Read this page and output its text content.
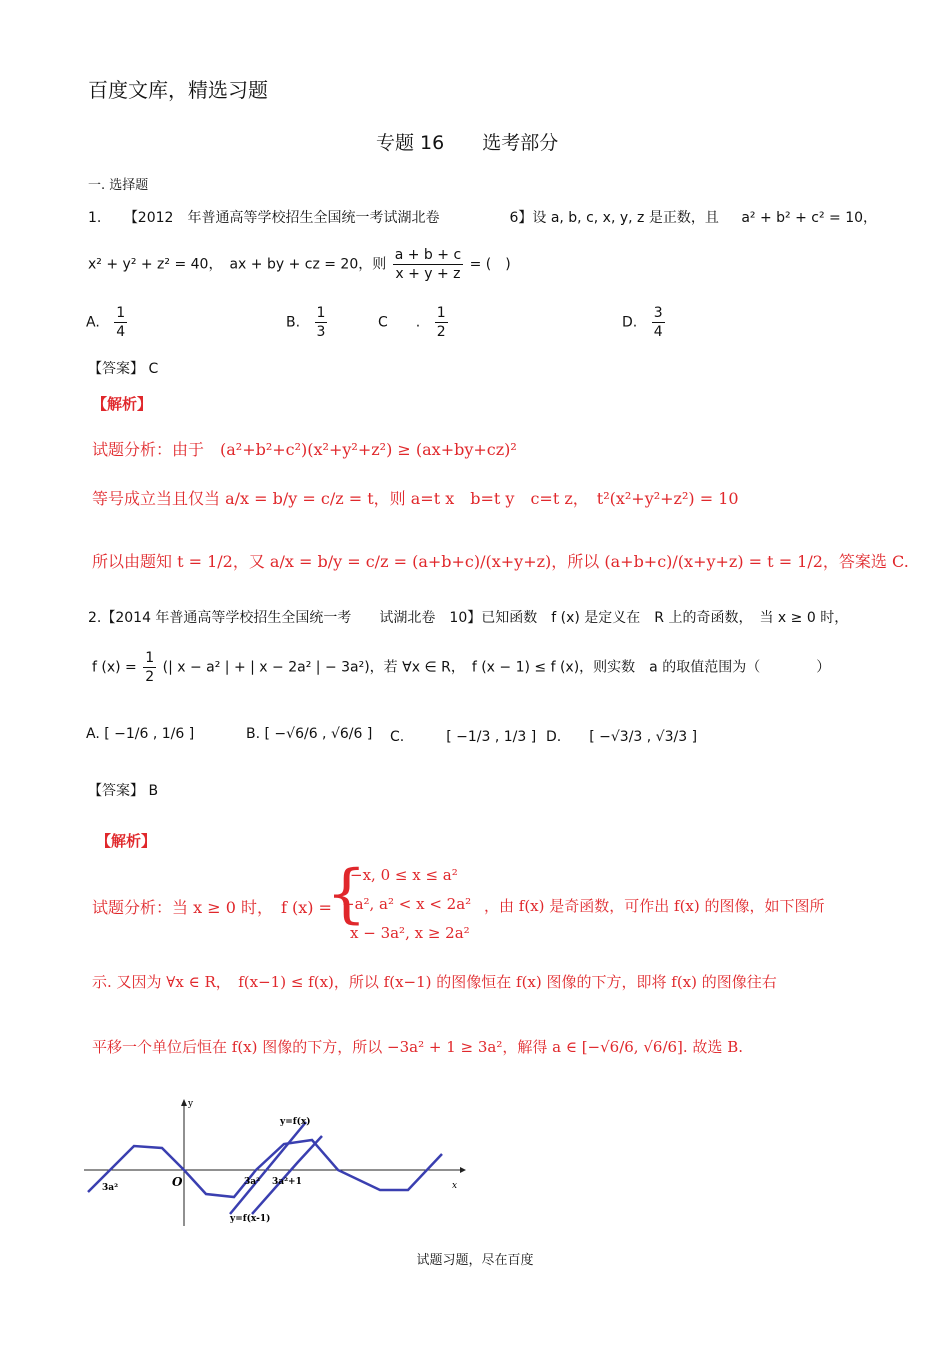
百度文库，精选习题
专题 16　　选考部分
一. 选择题
1. 【2012　年普通高等学校招生全国统一考试湖北卷　　　　　6】设 a, b, c, x, y, z 是正数，且 a² + b² + c² = 10，
x² + y² + z² = 40，　ax + by + cz = 20，则 $\frac{a + b + c}{x + y + z}$ = (　)
A. $\frac{1}{4}$	B. $\frac{1}{3}$	C　　. $\frac{1}{2}$	D. $\frac{3}{4}$
【答案】 C
【解析】
试题分析：由于　(a²+b²+c²)(x²+y²+z²) ≥ (ax+by+cz)²
等号成立当且仅当 a/x = b/y = c/z = t，则 a=t x　b=t y　c=t z，　t²(x²+y²+z²) = 10
所以由题知 t = 1/2，又 a/x = b/y = c/z = (a+b+c)/(x+y+z)，所以 (a+b+c)/(x+y+z) = t = 1/2，答案选 C.
2.【2014 年普通高等学校招生全国统一考　　试湖北卷　10】已知函数　f (x) 是定义在　R 上的奇函数，　当 x ≥ 0 时，
f $(x) = \frac{1}{2}$ (| x − a² | + | x − 2a² | − 3a²)，若 ∀x ∈ R，　f (x − 1) ≤ f (x)，则实数　a 的取值范围为（　　　　）
A. [ −1/6 , 1/6 ]	B. [ −√6/6 , √6/6 ] C.　　　[ −1/3 , 1/3 ] D.　　[ −√3/3 , √3/3 ]
【答案】 B
【解析】
试题分析：当 x ≥ 0 时，　f (x) =
{
−x, 0 ≤ x ≤ a²
−a², a² < x < 2a²
x − 3a², x ≥ 2a²
，由 f(x) 是奇函数，可作出 f(x) 的图像，如下图所
示. 又因为 ∀x ∈ R，　f(x−1) ≤ f(x)，所以 f(x−1) 的图像恒在 f(x) 图像的下方，即将 f(x) 的图像往右
平移一个单位后恒在 f(x) 图像的下方，所以 −3a² + 1 ≥ 3a²，解得 a ∈ [−√6/6, √6/6]. 故选 B.
y
x
O
3a²
3a² 3a²+1
y=f(x)
y=f(x-1)
试题习题，尽在百度
